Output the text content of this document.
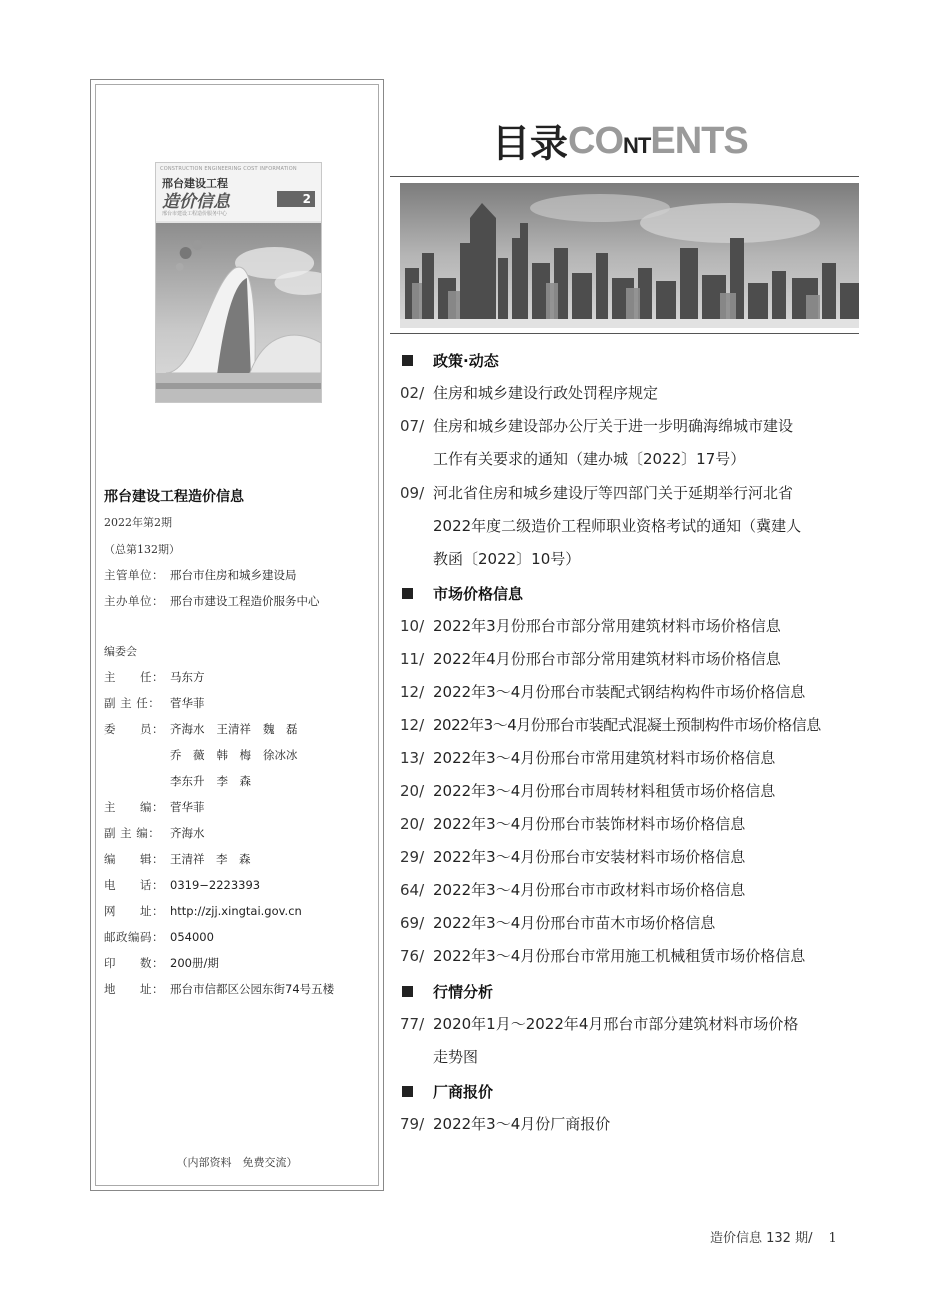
CONSTRUCTION ENGINEERING COST INFORMATION
邢台建设工程
造价信息
邢台市建设工程造价服务中心
2
邢台建设工程造价信息
2022年第2期
（总第132期）
主管单位： 邢台市住房和城乡建设局
主办单位： 邢台市建设工程造价服务中心
编委会
主　　任： 马东方
副 主 任： 菅华菲
委　　员： 齐海水 王清祥 魏　磊
乔　薇 韩　梅 徐冰冰
李东升 李　森
主　　编： 菅华菲
副 主 编： 齐海水
编　　辑： 王清祥　李　森
电　　话： 0319−2223393
网　　址： http://zjj.xingtai.gov.cn
邮政编码： 054000
印　　数： 200册/期
地　　址： 邢台市信都区公园东街74号五楼
（内部资料　免费交流）
目录CONTENTS
政策·动态
02/ 住房和城乡建设行政处罚程序规定
07/ 住房和城乡建设部办公厅关于进一步明确海绵城市建设
工作有关要求的通知（建办城〔2022〕17号）
09/ 河北省住房和城乡建设厅等四部门关于延期举行河北省
2022年度二级造价工程师职业资格考试的通知（冀建人
教函〔2022〕10号）
市场价格信息
10/ 2022年3月份邢台市部分常用建筑材料市场价格信息
11/ 2022年4月份邢台市部分常用建筑材料市场价格信息
12/ 2022年3～4月份邢台市装配式钢结构构件市场价格信息
12/ 2022年3～4月份邢台市装配式混凝土预制构件市场价格信息
13/ 2022年3～4月份邢台市常用建筑材料市场价格信息
20/ 2022年3～4月份邢台市周转材料租赁市场价格信息
20/ 2022年3～4月份邢台市装饰材料市场价格信息
29/ 2022年3～4月份邢台市安装材料市场价格信息
64/ 2022年3～4月份邢台市市政材料市场价格信息
69/ 2022年3～4月份邢台市苗木市场价格信息
76/ 2022年3～4月份邢台市常用施工机械租赁市场价格信息
行情分析
77/ 2020年1月～2022年4月邢台市部分建筑材料市场价格
走势图
厂商报价
79/ 2022年3～4月份厂商报价
造价信息 132 期/ 1
